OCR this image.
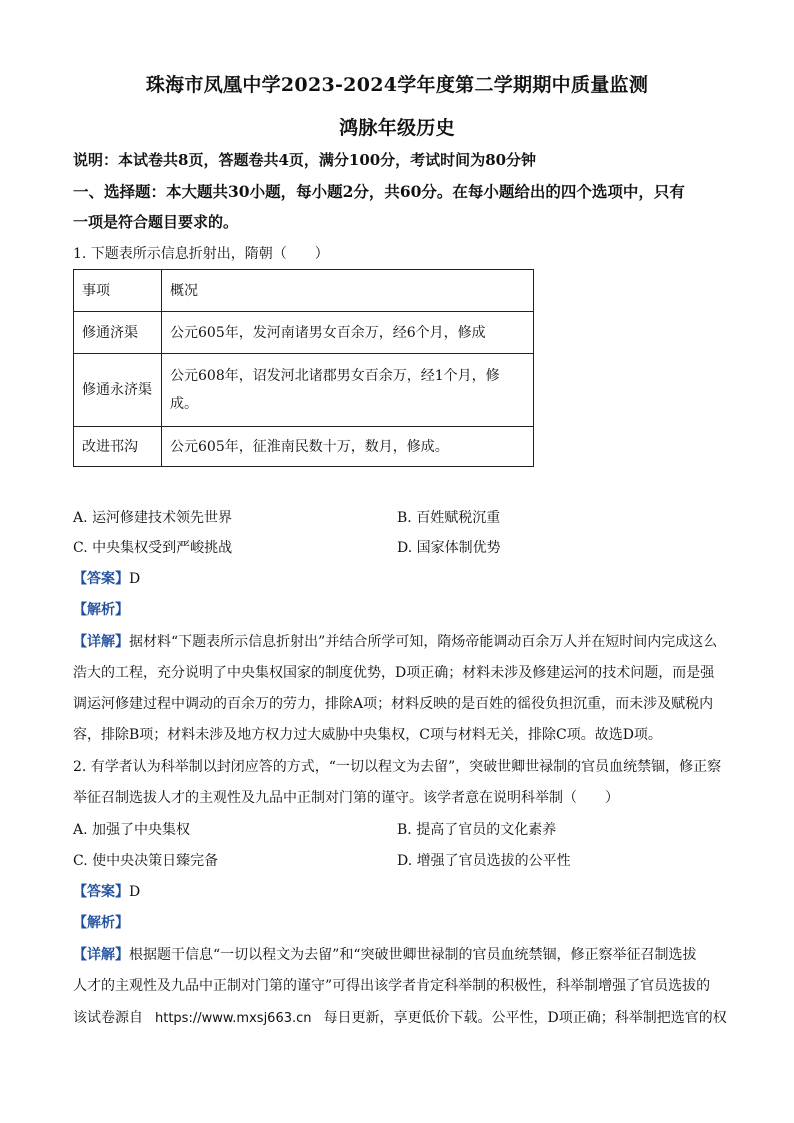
珠海市凤凰中学2023-2024学年度第二学期期中质量监测
鸿脉年级历史
说明：本试卷共8页，答题卷共4页，满分100分，考试时间为80分钟
一、选择题：本大题共30小题，每小题2分，共60分。在每小题给出的四个选项中，只有
一项是符合题目要求的。
1. 下题表所示信息折射出，隋朝（　　）
事项	概况
修通济渠	公元605年，发河南诸男女百余万，经6个月，修成
修通永济渠	公元608年，诏发河北诸郡男女百余万，经1个月，修
成。

改进邗沟	公元605年，征淮南民数十万，数月，修成。
A. 运河修建技术领先世界	B. 百姓赋税沉重
C. 中央集权受到严峻挑战	D. 国家体制优势
【答案】D
【解析】
【详解】据材料“下题表所示信息折射出”并结合所学可知，隋炀帝能调动百余万人并在短时间内完成这么
浩大的工程，充分说明了中央集权国家的制度优势，D项正确；材料未涉及修建运河的技术问题，而是强
调运河修建过程中调动的百余万的劳力，排除A项；材料反映的是百姓的徭役负担沉重，而未涉及赋税内
容，排除B项；材料未涉及地方权力过大威胁中央集权，C项与材料无关，排除C项。故选D项。
2. 有学者认为科举制以封闭应答的方式，“一切以程文为去留”，突破世卿世禄制的官员血统禁锢，修正察
举征召制选拔人才的主观性及九品中正制对门第的谨守。该学者意在说明科举制（　　）
A. 加强了中央集权	B. 提高了官员的文化素养
C. 使中央决策日臻完备	D. 增强了官员选拔的公平性
【答案】D
【解析】
【详解】根据题干信息“一切以程文为去留”和“突破世卿世禄制的官员血统禁锢，修正察举征召制选拔
人才的主观性及九品中正制对门第的谨守”可得出该学者肯定科举制的积极性，科举制增强了官员选拔的
该试卷源自 https://www.mxsj663.cn 每日更新，享更低价下载。公平性，D项正确；科举制把选官的权
